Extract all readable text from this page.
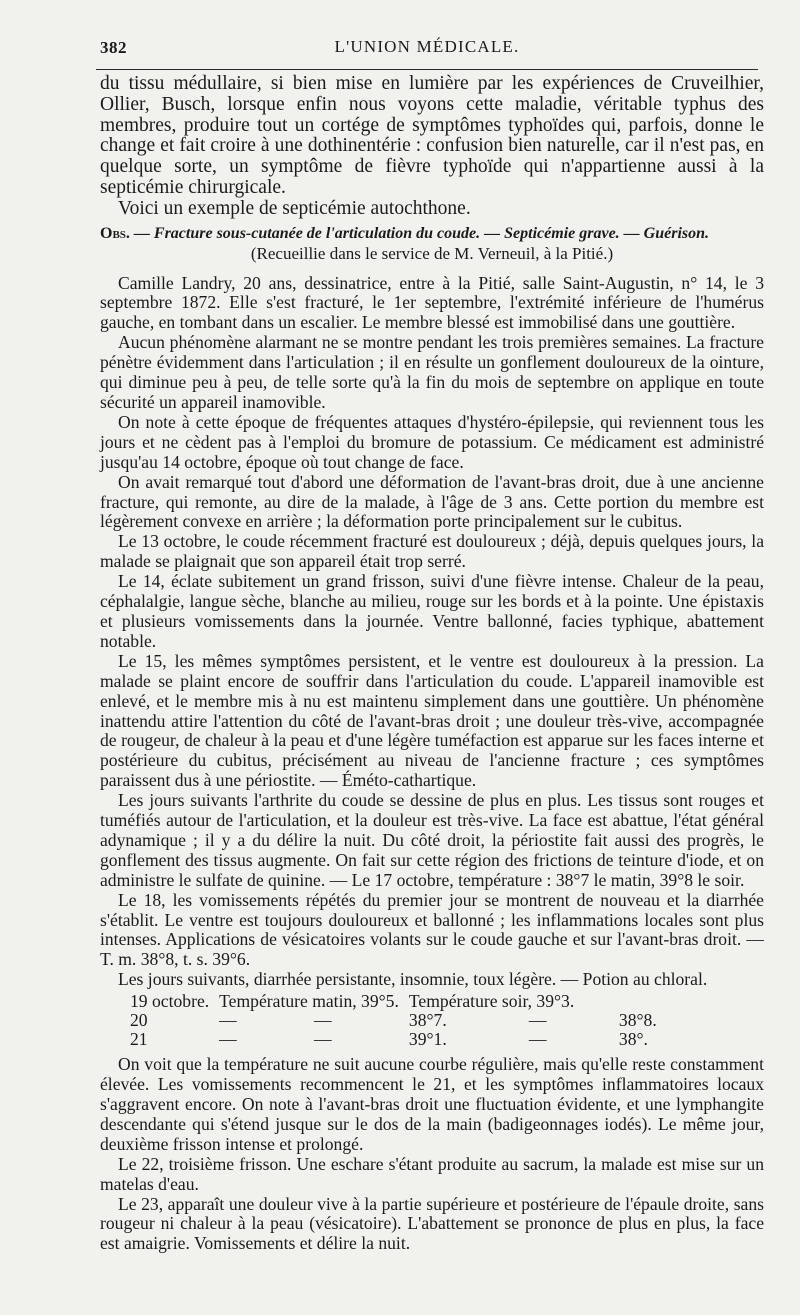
382	L'UNION MÉDICALE.

du tissu médullaire, si bien mise en lumière par les expériences de Cruveilhier, Ollier, Busch, lorsque enfin nous voyons cette maladie, véritable typhus des membres, produire tout un cortége de symptômes typhoïdes qui, parfois, donne le change et fait croire à une dothinentérie : confusion bien naturelle, car il n'est pas, en quelque sorte, un symptôme de fièvre typhoïde qui n'appartienne aussi à la septicémie chirurgicale.

Voici un exemple de septicémie autochthone.

Obs. — Fracture sous-cutanée de l'articulation du coude. — Septicémie grave. — Guérison.

(Recueillie dans le service de M. Verneuil, à la Pitié.)

Camille Landry, 20 ans, dessinatrice, entre à la Pitié, salle Saint-Augustin, n° 14, le 3 septembre 1872. Elle s'est fracturé, le 1er septembre, l'extrémité inférieure de l'humérus gauche, en tombant dans un escalier. Le membre blessé est immobilisé dans une gouttière.

Aucun phénomène alarmant ne se montre pendant les trois premières semaines. La fracture pénètre évidemment dans l'articulation ; il en résulte un gonflement douloureux de la ointure, qui diminue peu à peu, de telle sorte qu'à la fin du mois de septembre on applique en toute sécurité un appareil inamovible.

On note à cette époque de fréquentes attaques d'hystéro-épilepsie, qui reviennent tous les jours et ne cèdent pas à l'emploi du bromure de potassium. Ce médicament est administré jusqu'au 14 octobre, époque où tout change de face.

On avait remarqué tout d'abord une déformation de l'avant-bras droit, due à une ancienne fracture, qui remonte, au dire de la malade, à l'âge de 3 ans. Cette portion du membre est légèrement convexe en arrière ; la déformation porte principalement sur le cubitus.

Le 13 octobre, le coude récemment fracturé est douloureux ; déjà, depuis quelques jours, la malade se plaignait que son appareil était trop serré.

Le 14, éclate subitement un grand frisson, suivi d'une fièvre intense. Chaleur de la peau, céphalalgie, langue sèche, blanche au milieu, rouge sur les bords et à la pointe. Une épistaxis et plusieurs vomissements dans la journée. Ventre ballonné, facies typhique, abattement notable.

Le 15, les mêmes symptômes persistent, et le ventre est douloureux à la pression. La malade se plaint encore de souffrir dans l'articulation du coude. L'appareil inamovible est enlevé, et le membre mis à nu est maintenu simplement dans une gouttière. Un phénomène inattendu attire l'attention du côté de l'avant-bras droit ; une douleur très-vive, accompagnée de rougeur, de chaleur à la peau et d'une légère tuméfaction est apparue sur les faces interne et postérieure du cubitus, précisément au niveau de l'ancienne fracture ; ces symptômes paraissent dus à une périostite. — Éméto-cathartique.

Les jours suivants l'arthrite du coude se dessine de plus en plus. Les tissus sont rouges et tuméfiés autour de l'articulation, et la douleur est très-vive. La face est abattue, l'état général adynamique ; il y a du délire la nuit. Du côté droit, la périostite fait aussi des progrès, le gonflement des tissus augmente. On fait sur cette région des frictions de teinture d'iode, et on administre le sulfate de quinine. — Le 17 octobre, température : 38°7 le matin, 39°8 le soir.

Le 18, les vomissements répétés du premier jour se montrent de nouveau et la diarrhée s'établit. Le ventre est toujours douloureux et ballonné ; les inflammations locales sont plus intenses. Applications de vésicatoires volants sur le coude gauche et sur l'avant-bras droit. — T. m. 38°8, t. s. 39°6.

Les jours suivants, diarrhée persistante, insomnie, toux légère. — Potion au chloral.

19 octobre.	Température matin, 39°5.		Température soir, 39°3.		
20	—	—	38°7.	—	38°8.
21	—	—	39°1.	—	38°.

On voit que la température ne suit aucune courbe régulière, mais qu'elle reste constamment élevée. Les vomissements recommencent le 21, et les symptômes inflammatoires locaux s'aggravent encore. On note à l'avant-bras droit une fluctuation évidente, et une lymphangite descendante qui s'étend jusque sur le dos de la main (badigeonnages iodés). Le même jour, deuxième frisson intense et prolongé.

Le 22, troisième frisson. Une eschare s'étant produite au sacrum, la malade est mise sur un matelas d'eau.

Le 23, apparaît une douleur vive à la partie supérieure et postérieure de l'épaule droite, sans rougeur ni chaleur à la peau (vésicatoire). L'abattement se prononce de plus en plus, la face est amaigrie. Vomissements et délire la nuit.
